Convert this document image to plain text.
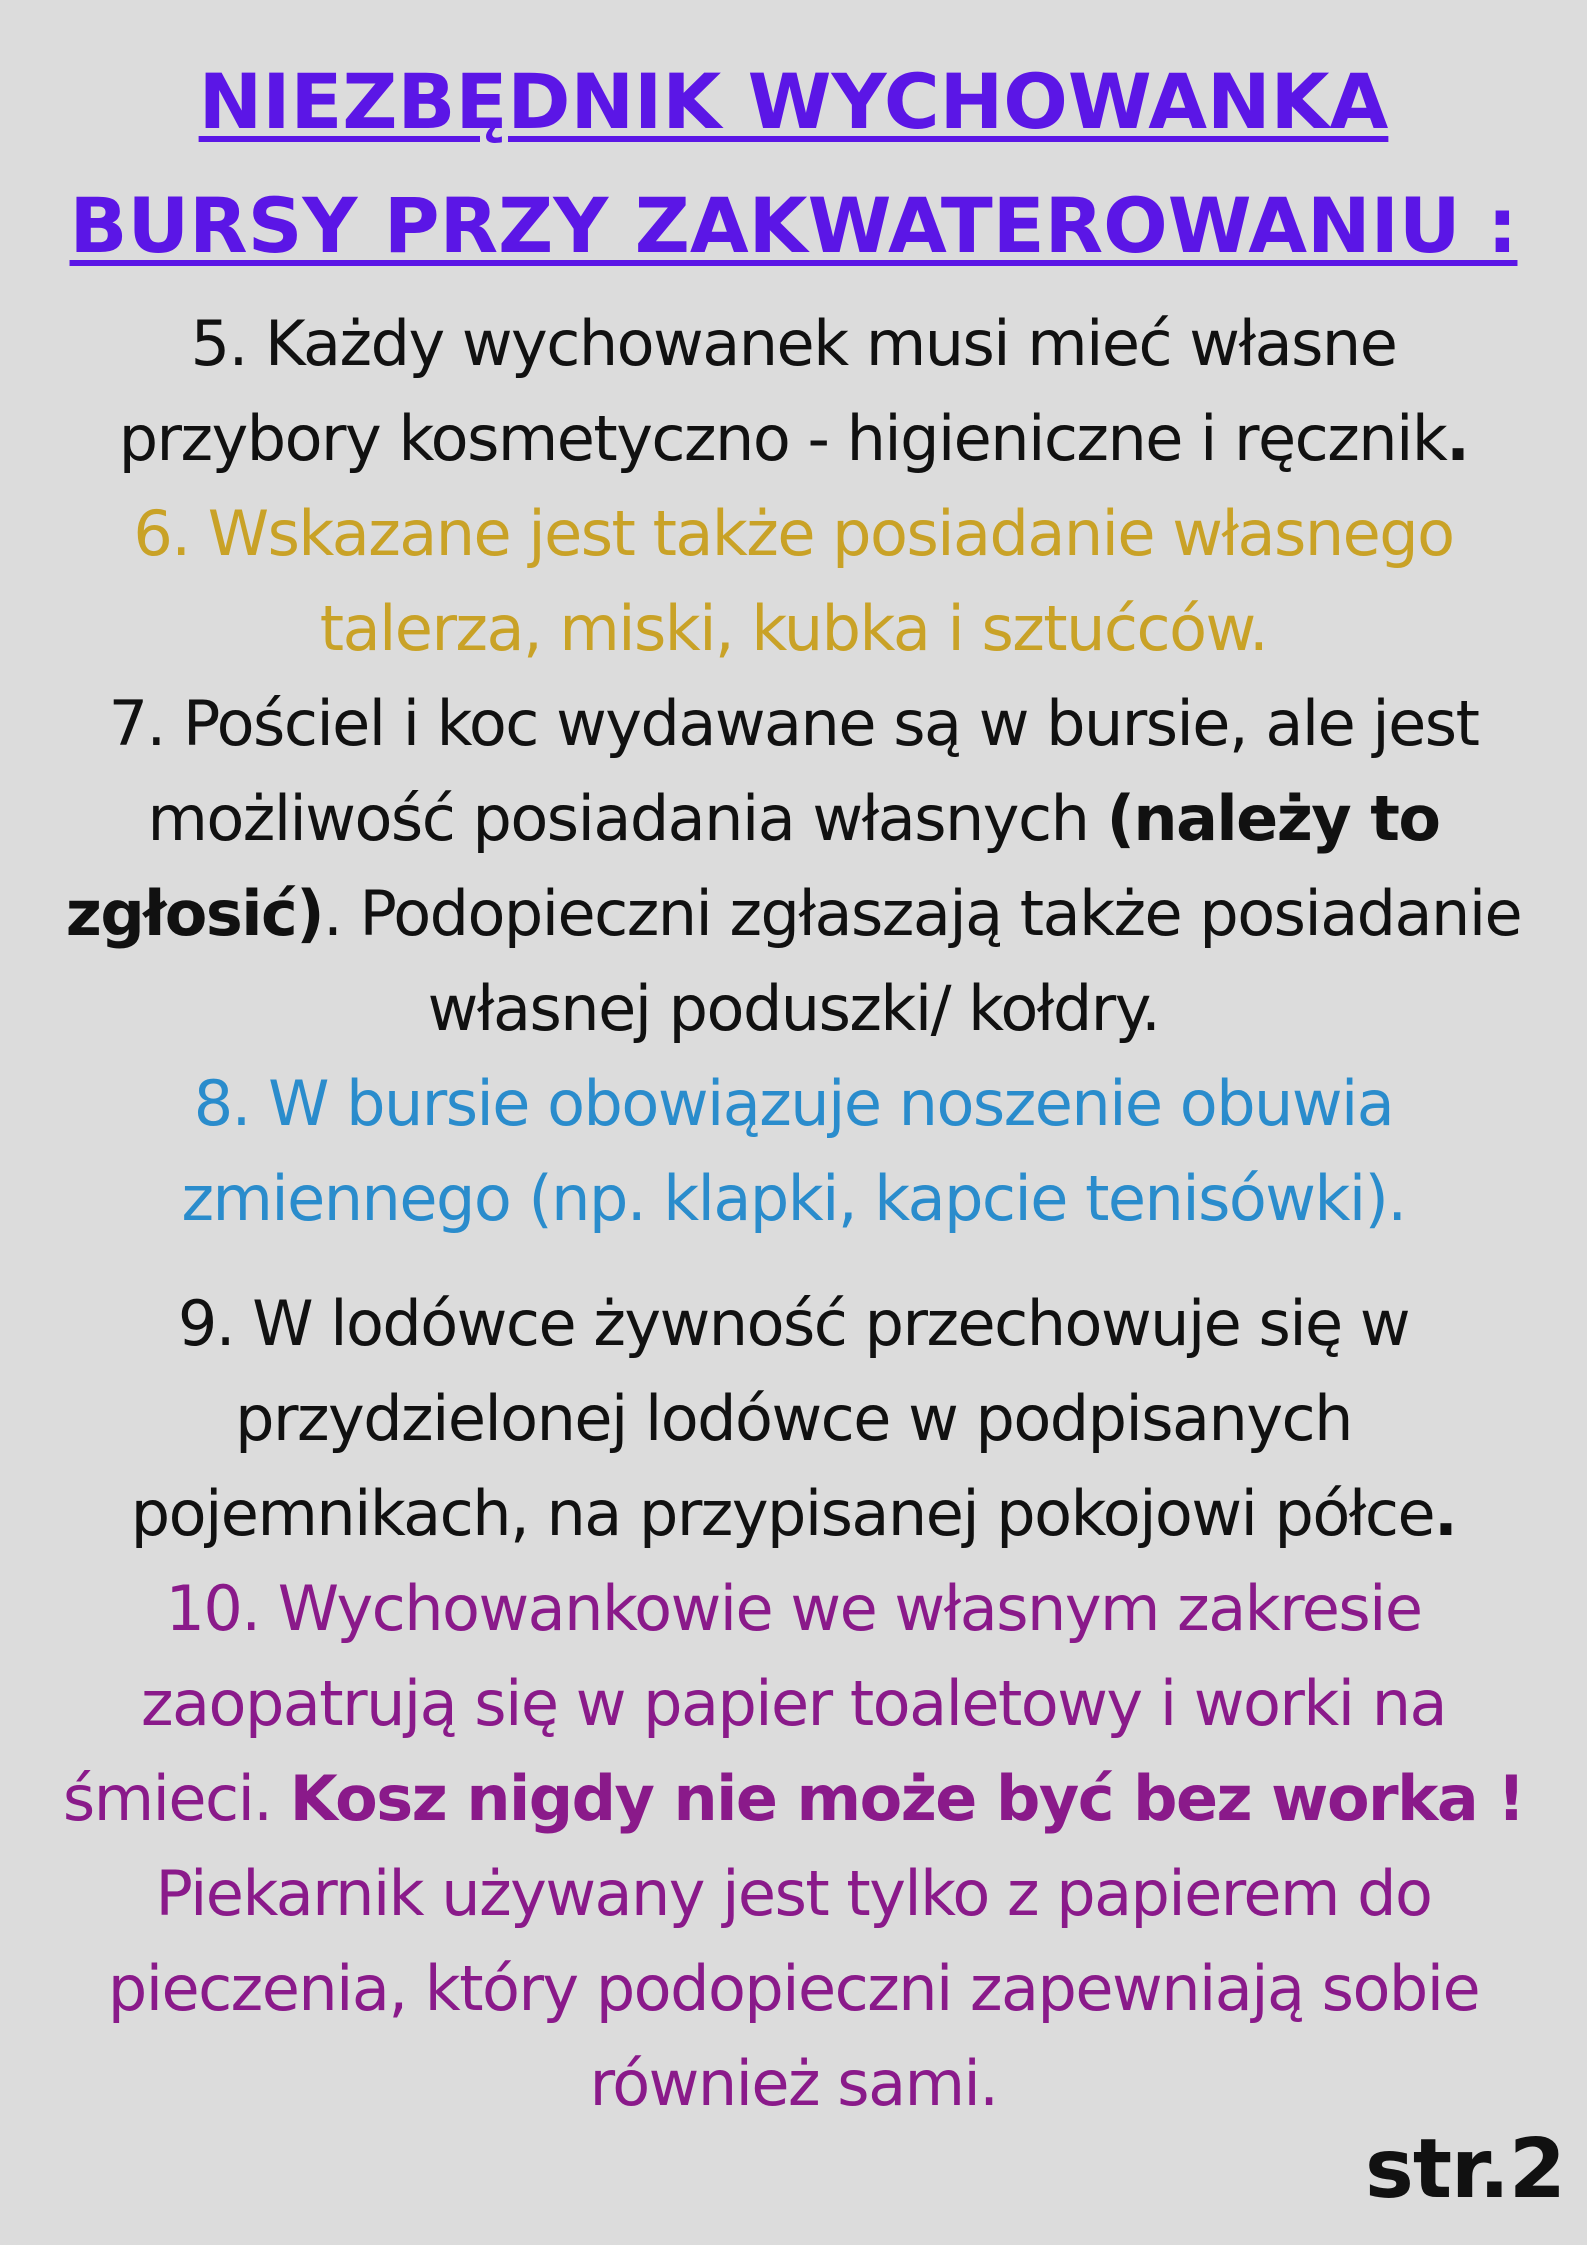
NIEZBĘDNIK WYCHOWANKA
BURSY PRZY ZAKWATEROWANIU :

5. Każdy wychowanek musi mieć własne
przybory kosmetyczno - higieniczne i ręcznik.

6. Wskazane jest także posiadanie własnego
talerza, miski, kubka i sztućców.

7. Pościel i koc wydawane są w bursie, ale jest
możliwość posiadania własnych (należy to
zgłosić). Podopieczni zgłaszają także posiadanie
własnej poduszki/ kołdry.

8. W bursie obowiązuje noszenie obuwia
zmiennego (np. klapki, kapcie tenisówki).

9. W lodówce żywność przechowuje się w
przydzielonej lodówce w podpisanych
pojemnikach, na przypisanej pokojowi półce.

10. Wychowankowie we własnym zakresie
zaopatrują się w papier toaletowy i worki na
śmieci. Kosz nigdy nie może być bez worka !
Piekarnik używany jest tylko z papierem do
pieczenia, który podopieczni zapewniają sobie
również sami.

str.2
